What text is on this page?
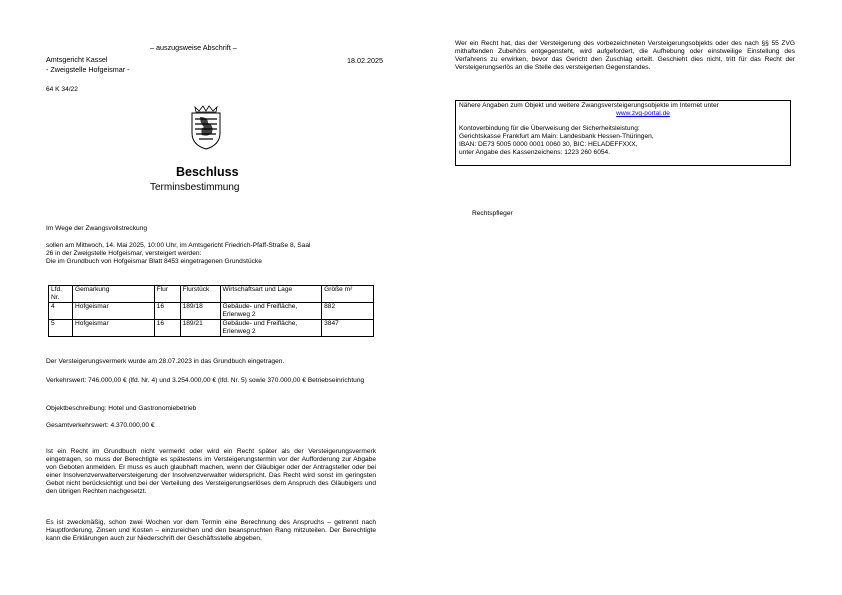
– auszugsweise Abschrift –
Amtsgericht Kassel
- Zweigstelle Hofgeismar -
18.02.2025
64 K 34/22
Beschluss
Terminsbestimmung
Im Wege der Zwangsvollstreckung
sollen am Mittwoch, 14. Mai 2025, 10:00 Uhr, im Amtsgericht Friedrich-Pfaff-Straße 8, Saal
26 in der Zweigstelle Hofgeismar, versteigert werden:
Die im Grundbuch von Hofgeismar Blatt 8453 eingetragenen Grundstücke
Lfd. Nr.	Gemarkung	Flur	Flurstück	Wirtschaftsart und Lage	Größe m²
4	Hofgeismar	16	189/18	Gebäude- und Freifläche, Erlenweg 2	882
5	Hofgeismar	16	189/21	Gebäude- und Freifläche, Erlenweg 2	3847
Der Versteigerungsvermerk wurde am 28.07.2023 in das Grundbuch eingetragen.
Verkehrswert: 746.000,00 € (lfd. Nr. 4) und 3.254.000,00 € (lfd. Nr. 5) sowie 370.000,00 € Betriebseinrichtung
Objektbeschreibung: Hotel und Gastronomiebetrieb
Gesamtverkehrswert: 4.370.000,00 €
Ist ein Recht im Grundbuch nicht vermerkt oder wird ein Recht später als der Versteigerungsvermerk eingetragen, so muss der Berechtigte es spätestens im Versteigerungstermin vor der Aufforderung zur Abgabe von Geboten anmelden. Er muss es auch glaubhaft machen, wenn der Gläubiger oder der Antragsteller oder bei einer Insolvenzverwalterversteigerung der Insolvenzverwalter widerspricht. Das Recht wird sonst im geringsten Gebot nicht berücksichtigt und bei der Verteilung des Versteigerungserlöses dem Anspruch des Gläubigers und den übrigen Rechten nachgesetzt.
Es ist zweckmäßig, schon zwei Wochen vor dem Termin eine Berechnung des Anspruchs – getrennt nach Hauptforderung, Zinsen und Kosten – einzureichen und den beanspruchten Rang mitzuteilen. Der Berechtigte kann die Erklärungen auch zur Niederschrift der Geschäftsstelle abgeben.
Wer ein Recht hat, das der Versteigerung des vorbezeichneten Versteigerungsobjekts oder des nach §§ 55 ZVG mithaftenden Zubehörs entgegensteht, wird aufgefordert, die Aufhebung oder einstweilige Einstellung des Verfahrens zu erwirken, bevor das Gericht den Zuschlag erteilt. Geschieht dies nicht, tritt für das Recht der Versteigerungserlös an die Stelle des versteigerten Gegenstandes.
Nähere Angaben zum Objekt und weitere Zwangsversteigerungsobjekte im Internet unter
www.zvg-portal.de
Kontoverbindung für die Überweisung der Sicherheitsleistung:
Gerichtskasse Frankfurt am Main: Landesbank Hessen-Thüringen,
IBAN: DE73 5005 0000 0001 0060 30, BIC: HELADEFFXXX,
unter Angabe des Kassenzeichens: 1223 260 6054.
Rechtspfleger
